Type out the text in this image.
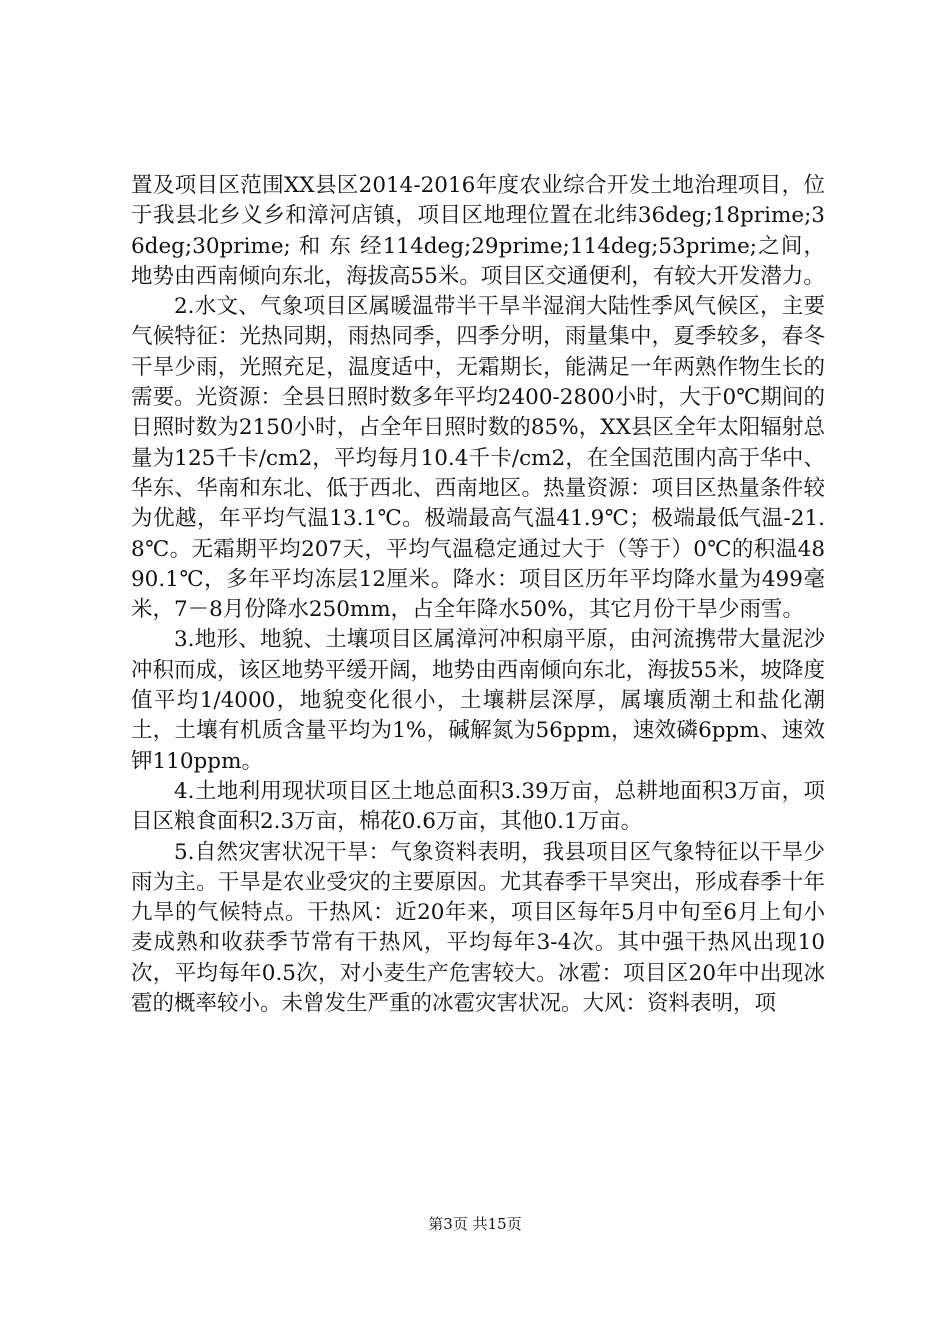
置及项目区范围XX县区2014-2016年度农业综合开发土地治理项目，位于我县北乡义乡和漳河店镇，项目区地理位置在北纬36deg;18prime;36deg;30prime; 和 东 经114deg;29prime;114deg;53prime;之间，地势由西南倾向东北，海拔高55米。项目区交通便利，有较大开发潜力。

2.水文、气象项目区属暖温带半干旱半湿润大陆性季风气候区，主要气候特征：光热同期，雨热同季，四季分明，雨量集中，夏季较多，春冬干旱少雨，光照充足，温度适中，无霜期长，能满足一年两熟作物生长的需要。光资源：全县日照时数多年平均2400-2800小时，大于0℃期间的日照时数为2150小时，占全年日照时数的85%，XX县区全年太阳辐射总量为125千卡/cm2，平均每月10.4千卡/cm2，在全国范围内高于华中、华东、华南和东北、低于西北、西南地区。热量资源：项目区热量条件较为优越，年平均气温13.1℃。极端最高气温41.9℃；极端最低气温-21.8℃。无霜期平均207天，平均气温稳定通过大于（等于）0℃的积温4890.1℃，多年平均冻层12厘米。降水：项目区历年平均降水量为499毫米，7－8月份降水250mm，占全年降水50%，其它月份干旱少雨雪。

3.地形、地貌、土壤项目区属漳河冲积扇平原，由河流携带大量泥沙冲积而成，该区地势平缓开阔，地势由西南倾向东北，海拔55米，坡降度值平均1/4000，地貌变化很小，土壤耕层深厚，属壤质潮土和盐化潮土，土壤有机质含量平均为1%，碱解氮为56ppm，速效磷6ppm、速效钾110ppm。

4.土地利用现状项目区土地总面积3.39万亩，总耕地面积3万亩，项目区粮食面积2.3万亩，棉花0.6万亩，其他0.1万亩。

5.自然灾害状况干旱：气象资料表明，我县项目区气象特征以干旱少雨为主。干旱是农业受灾的主要原因。尤其春季干旱突出，形成春季十年九旱的气候特点。干热风：近20年来，项目区每年5月中旬至6月上旬小麦成熟和收获季节常有干热风，平均每年3-4次。其中强干热风出现10次，平均每年0.5次，对小麦生产危害较大。冰雹：项目区20年中出现冰雹的概率较小。未曾发生严重的冰雹灾害状况。大风：资料表明，项

第3页 共15页
